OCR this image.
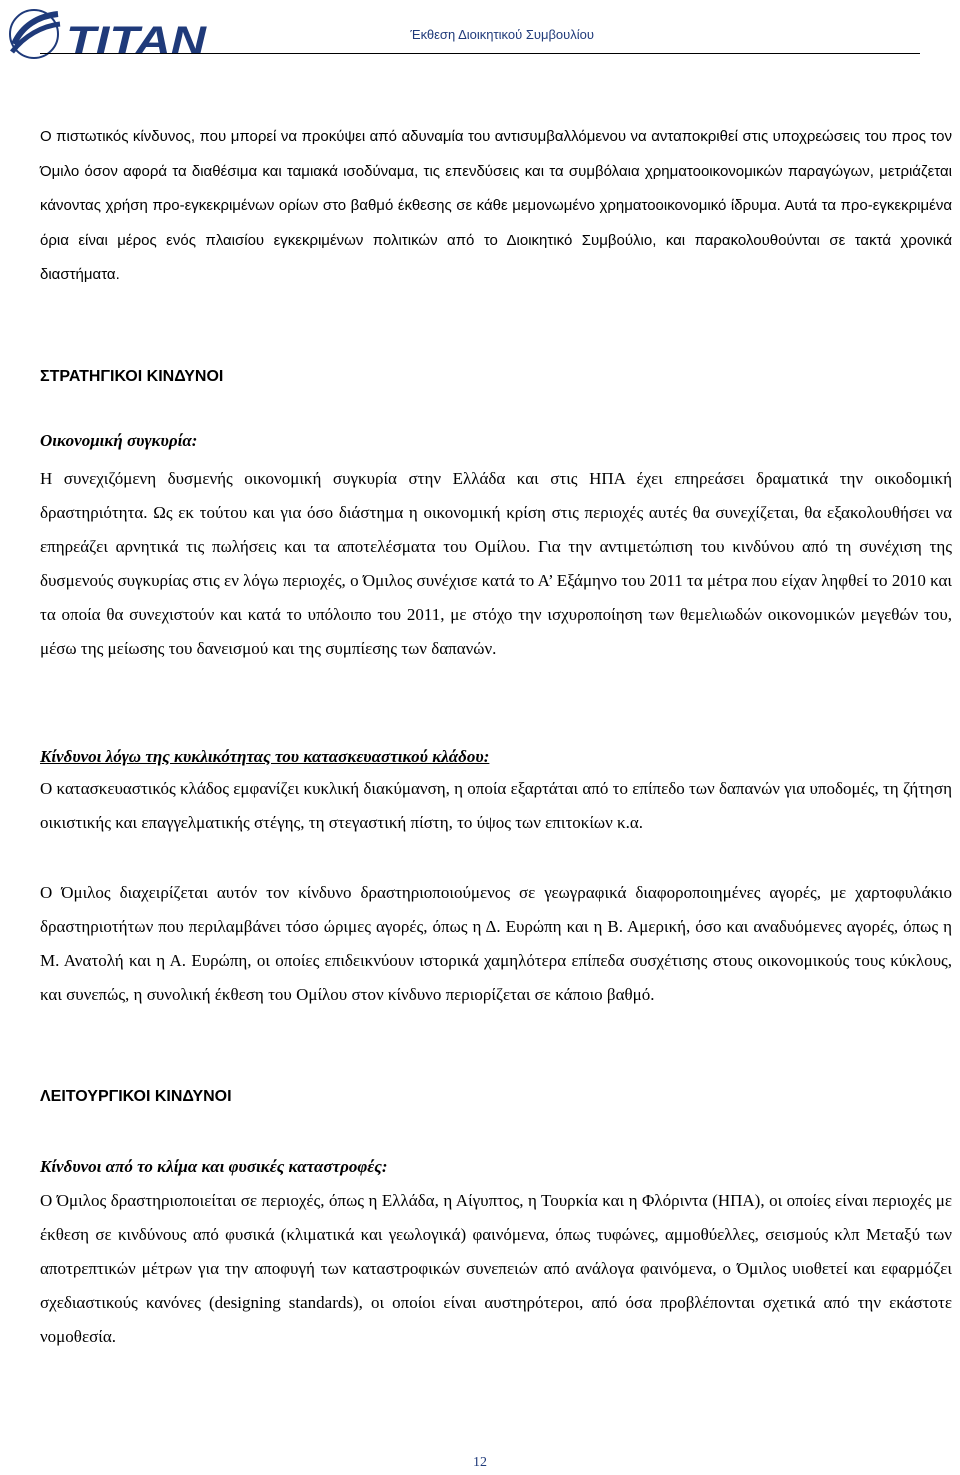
TITAN	Έκθεση Διοικητικού Συμβουλίου

Ο πιστωτικός κίνδυνος, που μπορεί να προκύψει από αδυναμία του αντισυμβαλλόμενου να ανταποκριθεί στις υποχρεώσεις του προς τον Όμιλο όσον αφορά τα διαθέσιμα και ταμιακά ισοδύναμα, τις επενδύσεις και τα συμβόλαια χρηματοοικονομικών παραγώγων, μετριάζεται κάνοντας χρήση προ-εγκεκριμένων ορίων στο βαθμό έκθεσης σε κάθε μεμονωμένο χρηματοοικονομικό ίδρυμα. Αυτά τα προ-εγκεκριμένα όρια είναι μέρος ενός πλαισίου εγκεκριμένων πολιτικών από το Διοικητικό Συμβούλιο, και παρακολουθούνται σε τακτά χρονικά διαστήματα.

ΣΤΡΑΤΗΓΙΚΟΙ ΚΙΝΔΥΝΟΙ

Οικονομική συγκυρία:

Η συνεχιζόμενη δυσμενής οικονομική συγκυρία στην Ελλάδα και στις ΗΠΑ έχει επηρεάσει δραματικά την οικοδομική δραστηριότητα. Ως εκ τούτου και για όσο διάστημα η οικονομική κρίση στις περιοχές αυτές θα συνεχίζεται, θα εξακολουθήσει να επηρεάζει αρνητικά τις πωλήσεις και τα αποτελέσματα του Ομίλου. Για την αντιμετώπιση του κινδύνου από τη συνέχιση της δυσμενούς συγκυρίας στις εν λόγω περιοχές, ο Όμιλος συνέχισε κατά το Α’ Εξάμηνο του 2011 τα μέτρα που είχαν ληφθεί το 2010 και τα οποία θα συνεχιστούν και κατά το υπόλοιπο του 2011, με στόχο την ισχυροποίηση των θεμελιωδών οικονομικών μεγεθών του, μέσω της μείωσης του δανεισμού και της συμπίεσης των δαπανών.

Κίνδυνοι λόγω της κυκλικότητας του κατασκευαστικού κλάδου:

Ο κατασκευαστικός κλάδος εμφανίζει κυκλική διακύμανση, η οποία εξαρτάται από το επίπεδο των δαπανών για υποδομές, τη ζήτηση οικιστικής και επαγγελματικής στέγης, τη στεγαστική πίστη, το ύψος των επιτοκίων κ.α.

Ο Όμιλος διαχειρίζεται αυτόν τον κίνδυνο δραστηριοποιούμενος σε γεωγραφικά διαφοροποιημένες αγορές, με χαρτοφυλάκιο δραστηριοτήτων που περιλαμβάνει τόσο ώριμες αγορές, όπως η Δ. Ευρώπη και η Β. Αμερική, όσο και αναδυόμενες αγορές, όπως η Μ. Ανατολή και η Α. Ευρώπη, οι οποίες επιδεικνύουν ιστορικά χαμηλότερα επίπεδα συσχέτισης στους οικονομικούς τους κύκλους, και συνεπώς, η συνολική έκθεση του Ομίλου στον κίνδυνο περιορίζεται σε κάποιο βαθμό.

ΛΕΙΤΟΥΡΓΙΚΟΙ ΚΙΝΔΥΝΟΙ

Κίνδυνοι από το κλίμα και φυσικές καταστροφές:

Ο Όμιλος δραστηριοποιείται σε περιοχές, όπως η Ελλάδα, η Αίγυπτος, η Τουρκία και η Φλόριντα (ΗΠΑ), οι οποίες είναι περιοχές με έκθεση σε κινδύνους από φυσικά (κλιματικά και γεωλογικά) φαινόμενα, όπως τυφώνες, αμμοθύελλες, σεισμούς κλπ Μεταξύ των αποτρεπτικών μέτρων για την αποφυγή των καταστροφικών συνεπειών από ανάλογα φαινόμενα, ο Όμιλος υιοθετεί και εφαρμόζει σχεδιαστικούς κανόνες (designing standards), οι οποίοι είναι αυστηρότεροι, από όσα προβλέπονται σχετικά από την εκάστοτε νομοθεσία.

12
